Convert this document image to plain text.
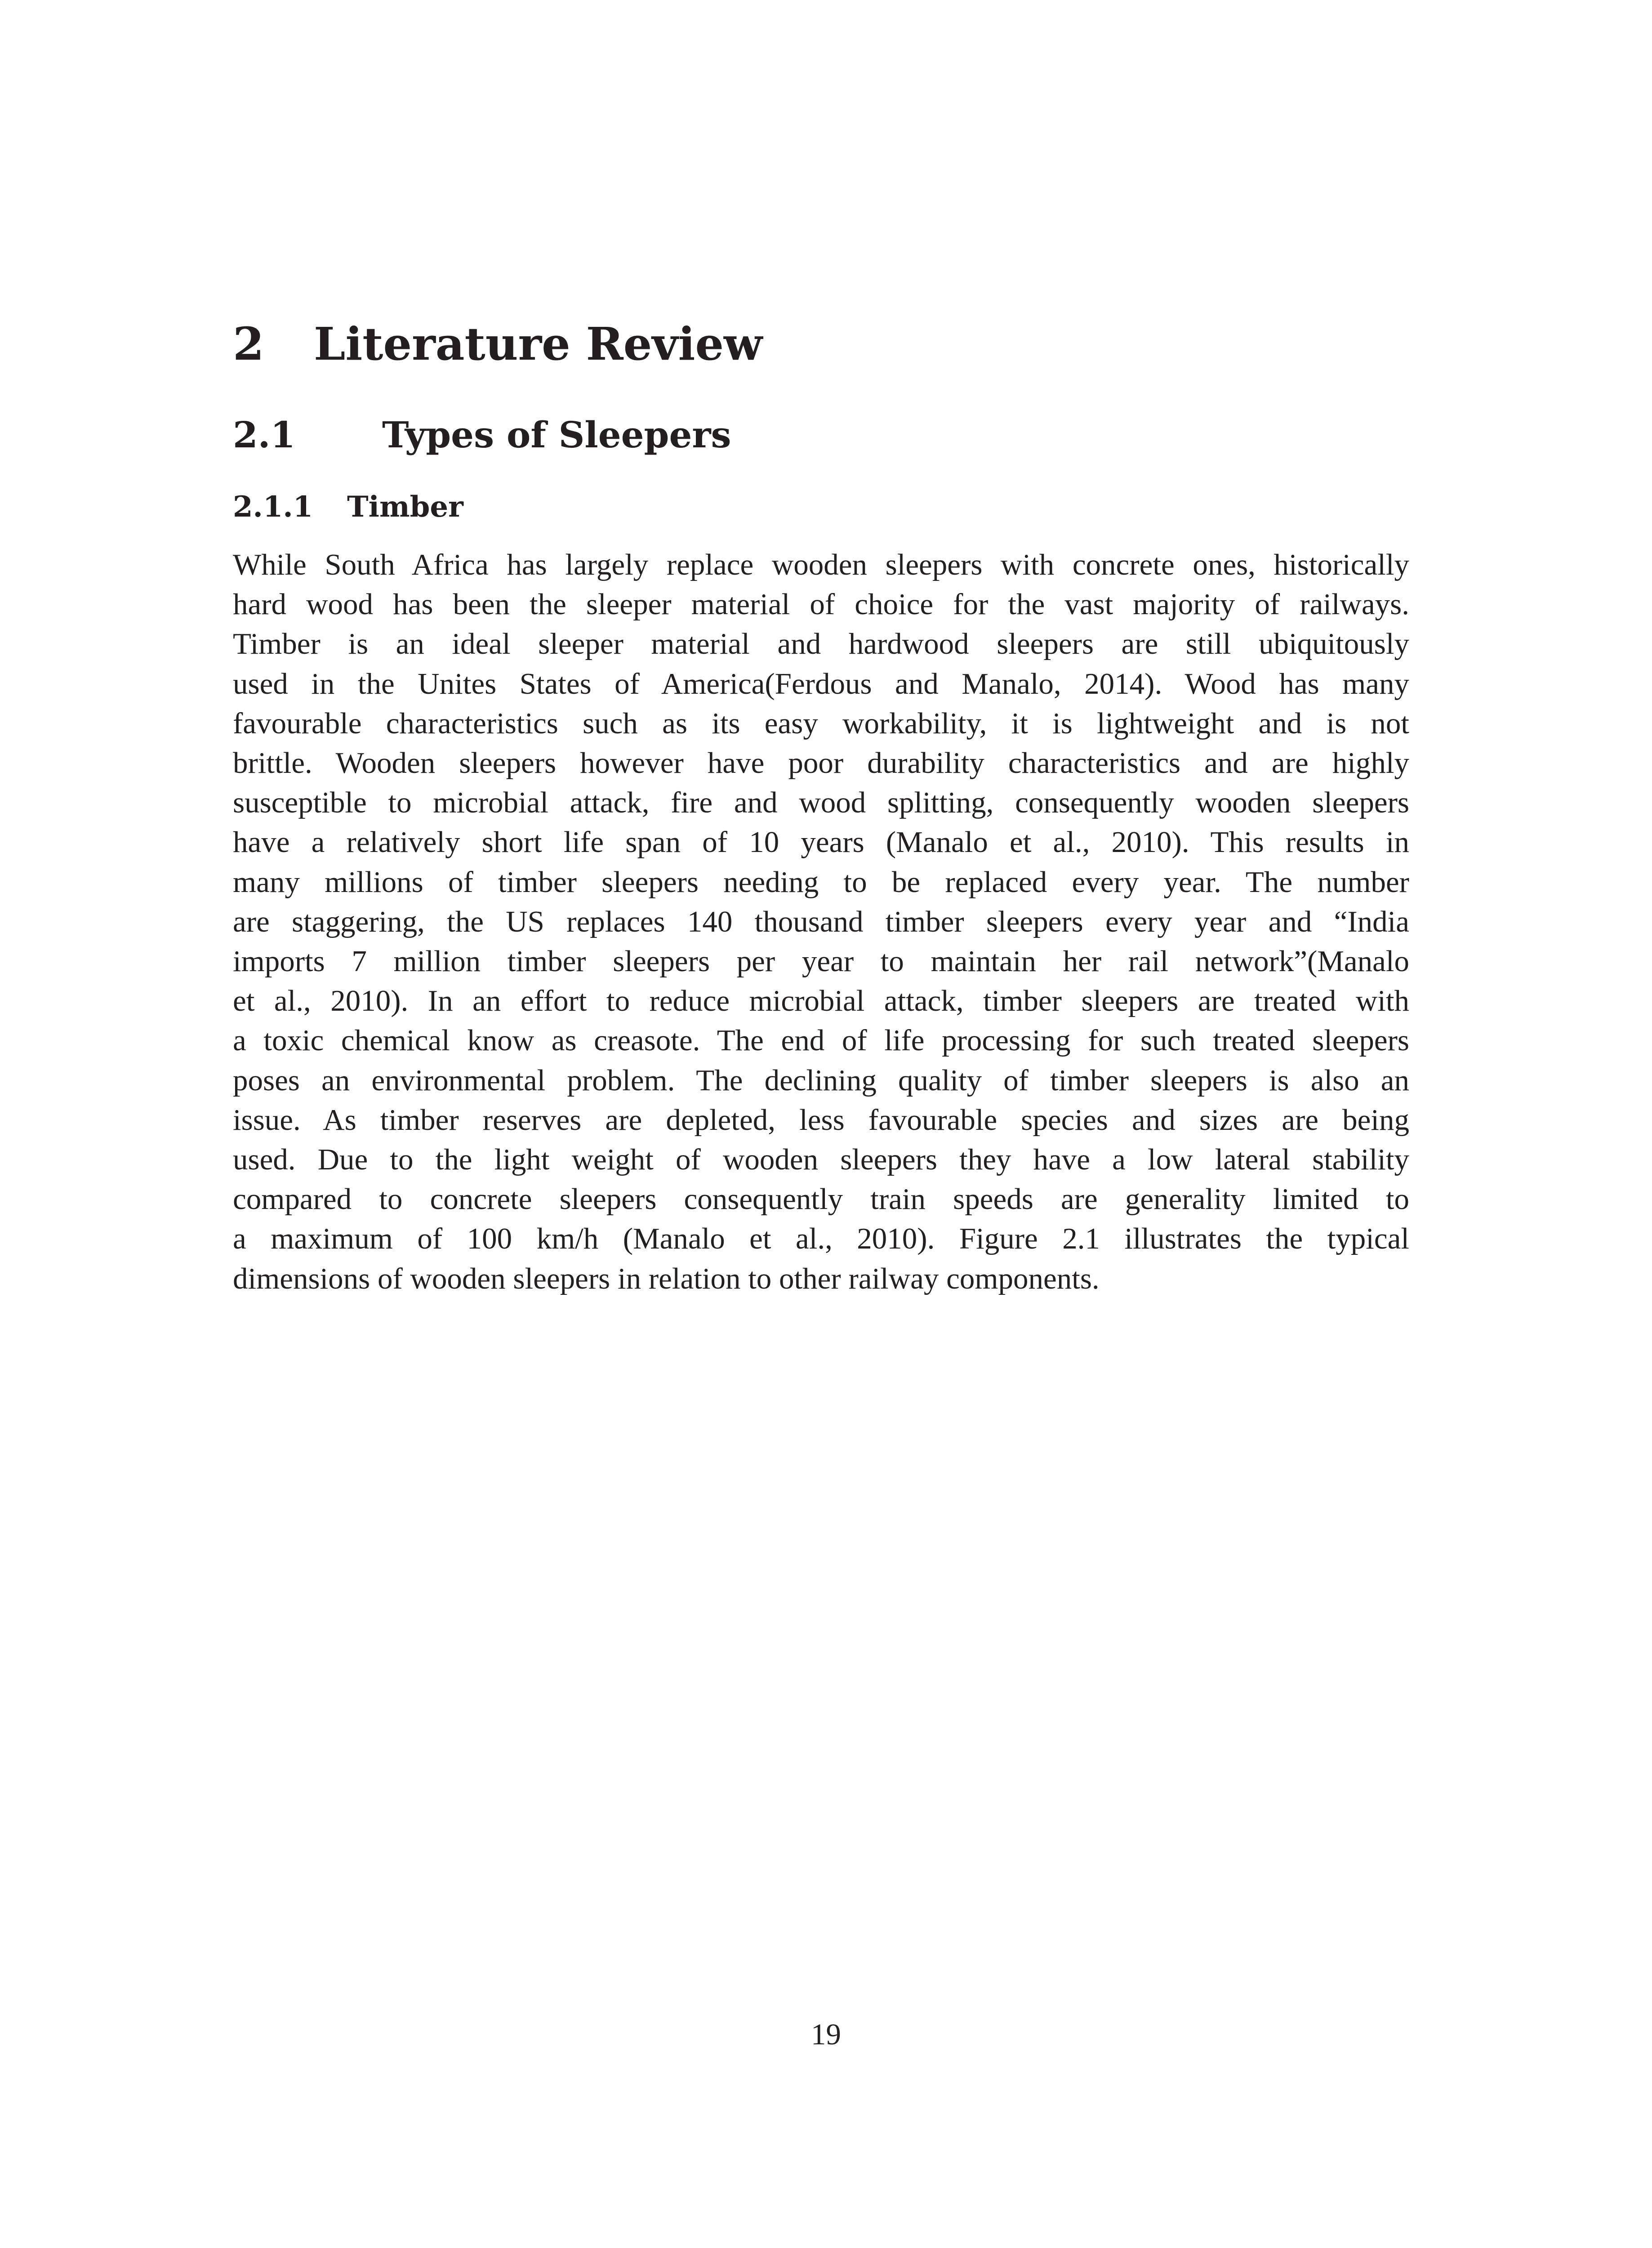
2 Literature Review
2.1 Types of Sleepers
2.1.1 Timber

While South Africa has largely replace wooden sleepers with concrete ones, historically
hard wood has been the sleeper material of choice for the vast majority of railways.
Timber is an ideal sleeper material and hardwood sleepers are still ubiquitously
used in the Unites States of America(Ferdous and Manalo, 2014). Wood has many
favourable characteristics such as its easy workability, it is lightweight and is not
brittle. Wooden sleepers however have poor durability characteristics and are highly
susceptible to microbial attack, fire and wood splitting, consequently wooden sleepers
have a relatively short life span of 10 years (Manalo et al., 2010). This results in
many millions of timber sleepers needing to be replaced every year. The number
are staggering, the US replaces 140 thousand timber sleepers every year and “India
imports 7 million timber sleepers per year to maintain her rail network”(Manalo
et al., 2010). In an effort to reduce microbial attack, timber sleepers are treated with
a toxic chemical know as creasote. The end of life processing for such treated sleepers
poses an environmental problem. The declining quality of timber sleepers is also an
issue. As timber reserves are depleted, less favourable species and sizes are being
used. Due to the light weight of wooden sleepers they have a low lateral stability
compared to concrete sleepers consequently train speeds are generality limited to
a maximum of 100 km/h (Manalo et al., 2010). Figure 2.1 illustrates the typical
dimensions of wooden sleepers in relation to other railway components.

19
